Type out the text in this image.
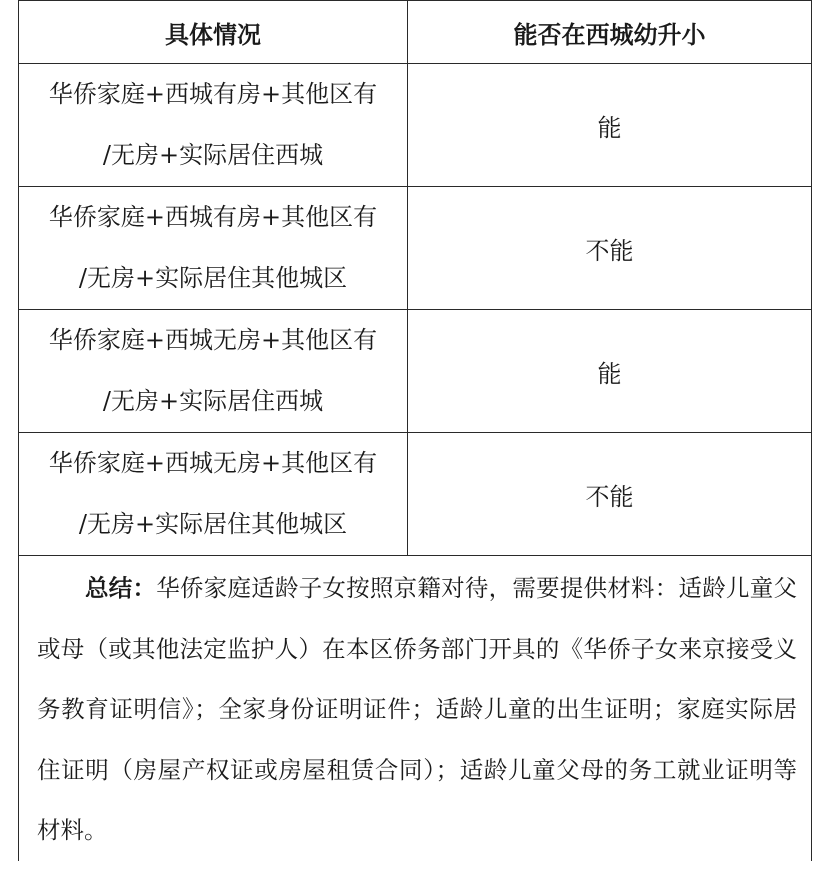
具体情况	能否在西城幼升小

华侨家庭+西城有房+其他区有
/无房+实际居住西城	能

华侨家庭+西城有房+其他区有
/无房+实际居住其他城区	不能

华侨家庭+西城无房+其他区有
/无房+实际居住西城	能

华侨家庭+西城无房+其他区有
/无房+实际居住其他城区	不能

总结：华侨家庭适龄子女按照京籍对待，需要提供材料：适龄儿童父或母（或其他法定监护人）在本区侨务部门开具的《华侨子女来京接受义务教育证明信》；全家身份证明证件；适龄儿童的出生证明；家庭实际居住证明（房屋产权证或房屋租赁合同）；适龄儿童父母的务工就业证明等材料。	
